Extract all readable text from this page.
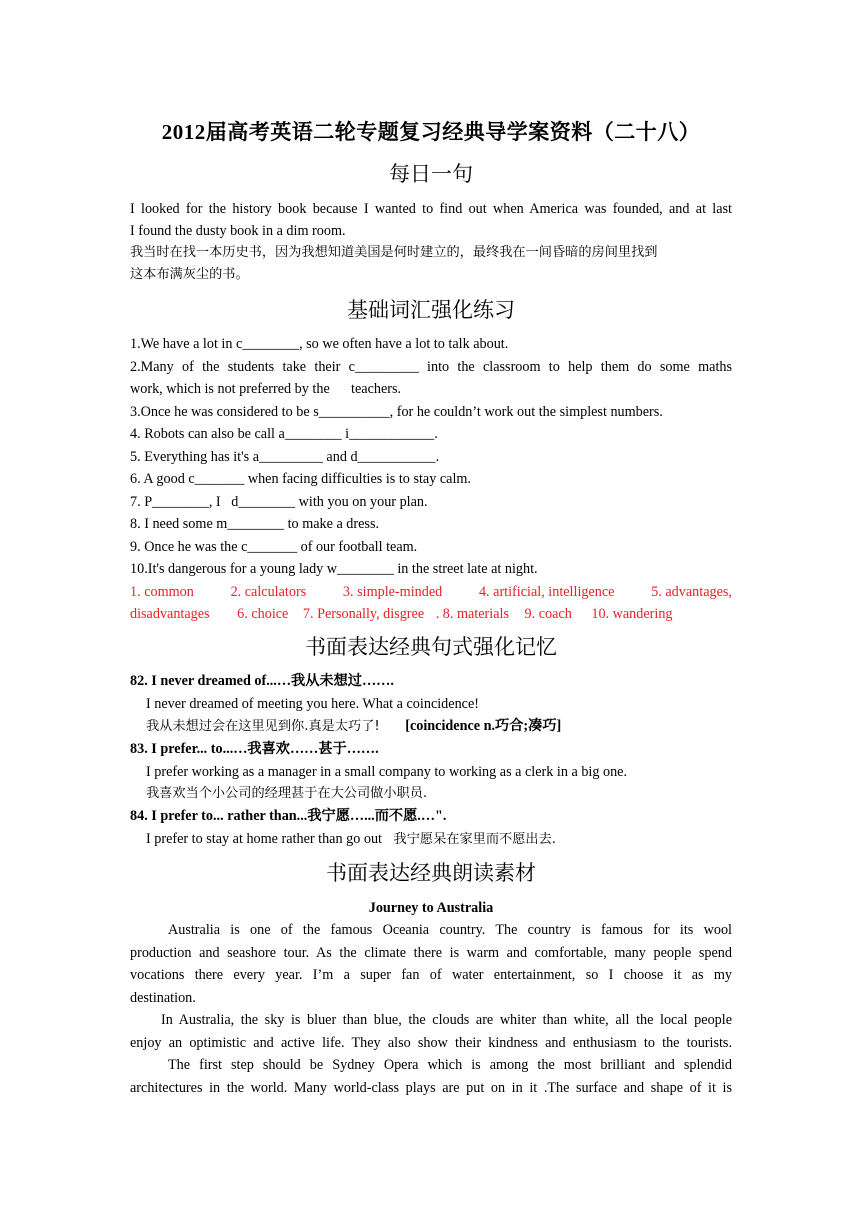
2012届高考英语二轮专题复习经典导学案资料（二十八）
每日一句
I looked for the history book because I wanted to find out when America was founded, and at last
I found the dusty book in a dim room.
我当时在找一本历史书，因为我想知道美国是何时建立的，最终我在一间昏暗的房间里找到
这本布满灰尘的书。
基础词汇强化练习
1.We have a lot in c________, so we often have a lot to talk about.
2.Many of the students take their c_________ into the classroom to help them do some maths
work, which is not preferred by the      teachers.
3.Once he was considered to be s__________, for he couldn’t work out the simplest numbers.
4. Robots can also be call a________ i____________.
5. Everything has it's a_________ and d___________.
6. A good c_______ when facing difficulties is to stay calm.
7. P________, I   d________ with you on your plan.
8. I need some m________ to make a dress.
9. Once he was the c_______ of our football team.
10.It's dangerous for a young lady w________ in the street late at night.
1. common	2. calculators	3. simple-minded	4. artificial, intelligence	5. advantages,
disadvantages 6. choice 7. Personally, disgree . 8. materials 9. coach 10. wandering
书面表达经典句式强化记忆
82. I never dreamed of...…我从未想过…….
I never dreamed of meeting you here. What a coincidence!
我从未想过会在这里见到你.真是太巧了! [coincidence n.巧合;凑巧]
83. I prefer... to...…我喜欢……甚于…….
I prefer working as a manager in a small company to working as a clerk in a big one.
我喜欢当个小公司的经理甚于在大公司做小职员.
84. I prefer to... rather than...我宁愿…...而不愿.…".
I prefer to stay at home rather than go out 我宁愿呆在家里而不愿出去.
书面表达经典朗读素材
Journey to Australia
Australia is one of the famous Oceania country. The country is famous for its wool
production and seashore tour. As the climate there is warm and comfortable, many people spend
vocations there every year. I’m a super fan of water entertainment, so I choose it as my
destination.
In Australia, the sky is bluer than blue, the clouds are whiter than white, all the local people
enjoy an optimistic and active life. They also show their kindness and enthusiasm to the tourists.
The first step should be Sydney Opera which is among the most brilliant and splendid
architectures in the world. Many world-class plays are put on in it .The surface and shape of it is
